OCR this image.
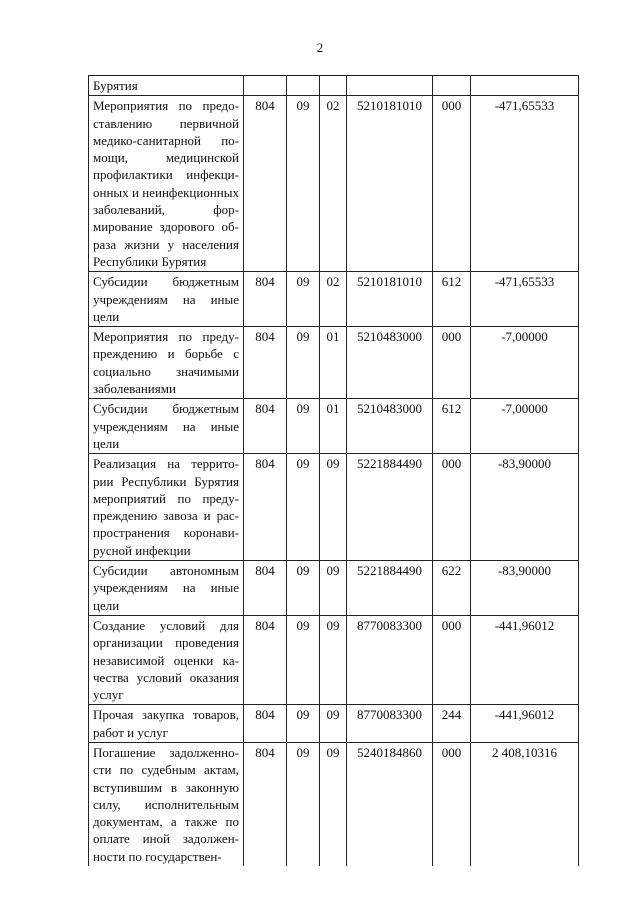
2
Бурятия						
Мероприятия по предоставлению первичной медико-санитарной помощи, медицинской профилактики инфекционных и неинфекционных заболеваний, формирование здорового образа жизни у населения Республики Бурятия	804	09	02	5210181010	000	-471,65533
Субсидии бюджетным учреждениям на иные цели	804	09	02	5210181010	612	-471,65533
Мероприятия по предупреждению и борьбе с социально значимыми заболеваниями	804	09	01	5210483000	000	-7,00000
Субсидии бюджетным учреждениям на иные цели	804	09	01	5210483000	612	-7,00000
Реализация на территории Республики Бурятия мероприятий по предупреждению завоза и распространения коронавирусной инфекции	804	09	09	5221884490	000	-83,90000
Субсидии автономным учреждениям на иные цели	804	09	09	5221884490	622	-83,90000
Создание условий для организации проведения независимой оценки качества условий оказания услуг	804	09	09	8770083300	000	-441,96012
Прочая закупка товаров, работ и услуг	804	09	09	8770083300	244	-441,96012
Погашение задолженности по судебным актам, вступившим в законную силу, исполнительным документам, а также по оплате иной задолженности по государствен-	804	09	09	5240184860	000	2 408,10316
